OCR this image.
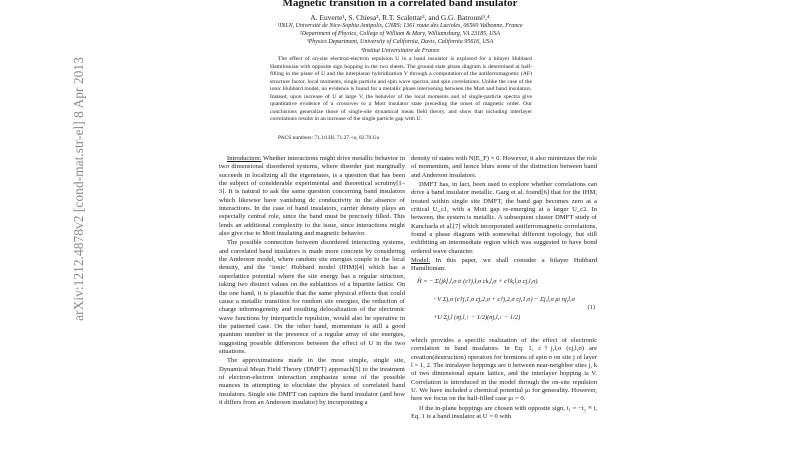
arXiv:1212.4878v2 [cond-mat.str-el] 8 Apr 2013
Magnetic transition in a correlated band insulator
A. Euverte¹, S. Chiesa², R.T. Scalettar³, and G.G. Batrouni¹,⁴
¹INLN, Université de Nice-Sophia Antipolis, CNRS; 1361 route des Lucioles, 06560 Valbonne, France
²Department of Physics, College of William & Mary, Williamsburg, VA 23185, USA
³Physics Department, University of California, Davis, California 95616, USA
⁴Institut Universitaire de France

The effect of on-site electron-electron repulsion U in a band insulator is explored for a bilayer Hubbard Hamiltonian with opposite sign hopping in the two sheets. The ground state phase diagram is determined at half-filling in the plane of U and the interplanar hybridization V through a computation of the antiferromagnetic (AF) structure factor, local moments, single particle and spin wave spectra, and spin correlations. Unlike the case of the ionic Hubbard model, no evidence is found for a metallic phase intervening between the Mott and band insulators. Instead, upon increase of U at large V, the behavior of the local moments and of single-particle spectra give quantitative evidence of a crossover to a Mott insulator state preceding the onset of magnetic order. Our conclusions generalize those of single-site dynamical mean field theory, and show that including interlayer correlations results in an increase of the single particle gap with U.

PACS numbers: 71.10.Hf, 71.27.+a, 02.70.Uu

Introduction: Whether interactions might drive metallic behavior in two dimensional disordered systems, where disorder just marginally succeeds in localizing all the eigenstates, is a question that has been the subject of considerable experimental and theoretical scrutiny[1–3]. It is natural to ask the same question concerning band insulators which likewise have vanishing dc conductivity in the absence of interactions. In the case of band insulators, carrier density plays an especially central role, since the band must be precisely filled. This lends an additional complexity to the issue, since interactions might also give rise to Mott insulating and magnetic behavior.

The possible connection between disordered interacting systems, and correlated band insulators is made more concrete by considering the Anderson model, where random site energies couple to the local density, and the ‘ionic’ Hubbard model (IHM)[4] which has a superlattice potential where the site energy has a regular structure, taking two distinct values on the sublattices of a bipartite lattice. On the one hand, it is plausible that the same physical effects that could cause a metallic transition for random site energies, the reduction of charge inhomogeneity and resulting delocalization of the electronic wave functions by interparticle repulsion, would also be operative in the patterned case. On the other hand, momentum is still a good quantum number in the presence of a regular array of site energies, suggesting possible differences between the effect of U in the two situations.

The approximations made in the most simple, single site, Dynamical Mean Field Theory (DMFT) approach[5] to the treatment of electron-electron interaction emphasize some of the possible nuances in attempting to elucidate the physics of correlated band insulators. Single site DMFT can capture the band insulator (and how it differs from an Anderson insulator) by incorporating a

density of states with N(E_F) = 0. However, it also minimizes the role of momentum, and hence blurs some of the distinction between band and Anderson insulators.

DMFT has, in fact, been used to explore whether correlations can drive a band insulator metallic. Garg et al. found[6] that for the IHM, treated within single site DMFT, the band gap becomes zero at a critical U_c1, with a Mott gap re-emerging at a larger U_c2. In between, the system is metallic. A subsequent cluster DMFT study of Kancharla et al.[7] which incorporated antiferromagnetic correlations, found a phase diagram with somewhat different topology, but still exhibiting an intermediate region which was suggested to have bond ordered wave character.

Model: In this paper, we shall consider a bilayer Hubbard Hamiltonian:

Ĥ = − Σ⟨jk⟩,l,σ tₗ (c†j,l,σ ck,l,σ + c†k,l,σ cj,l,σ)
−V Σj,σ (c†j,1,σ cj,2,σ + c†j,2,σ cj,1,σ) − Σj,l,σ μₗ nj,l,σ
+U Σj,l (nj,l,↑ − 1/2)(nj,l,↓ − 1/2)
(1)

which provides a specific realization of the effect of electronic correlation in band insulators. In Eq. 1, c†j,l,σ (cj,l,σ) are creation(destruction) operators for fermions of spin σ on site j of layer l = 1, 2. The intralayer hoppings are tₗ between near-neighbor sites j, k of two dimensional square lattice, and the interlayer hopping is V. Correlation is introduced in the model through the on-site repulsion U. We have included a chemical potential μₗ for generality. However, here we focus on the half-filled case μₗ = 0.

If the in-plane hoppings are chosen with opposite sign, t₁ = −t₂ ≡ t, Eq. 1 is a band insulator at U = 0 with
